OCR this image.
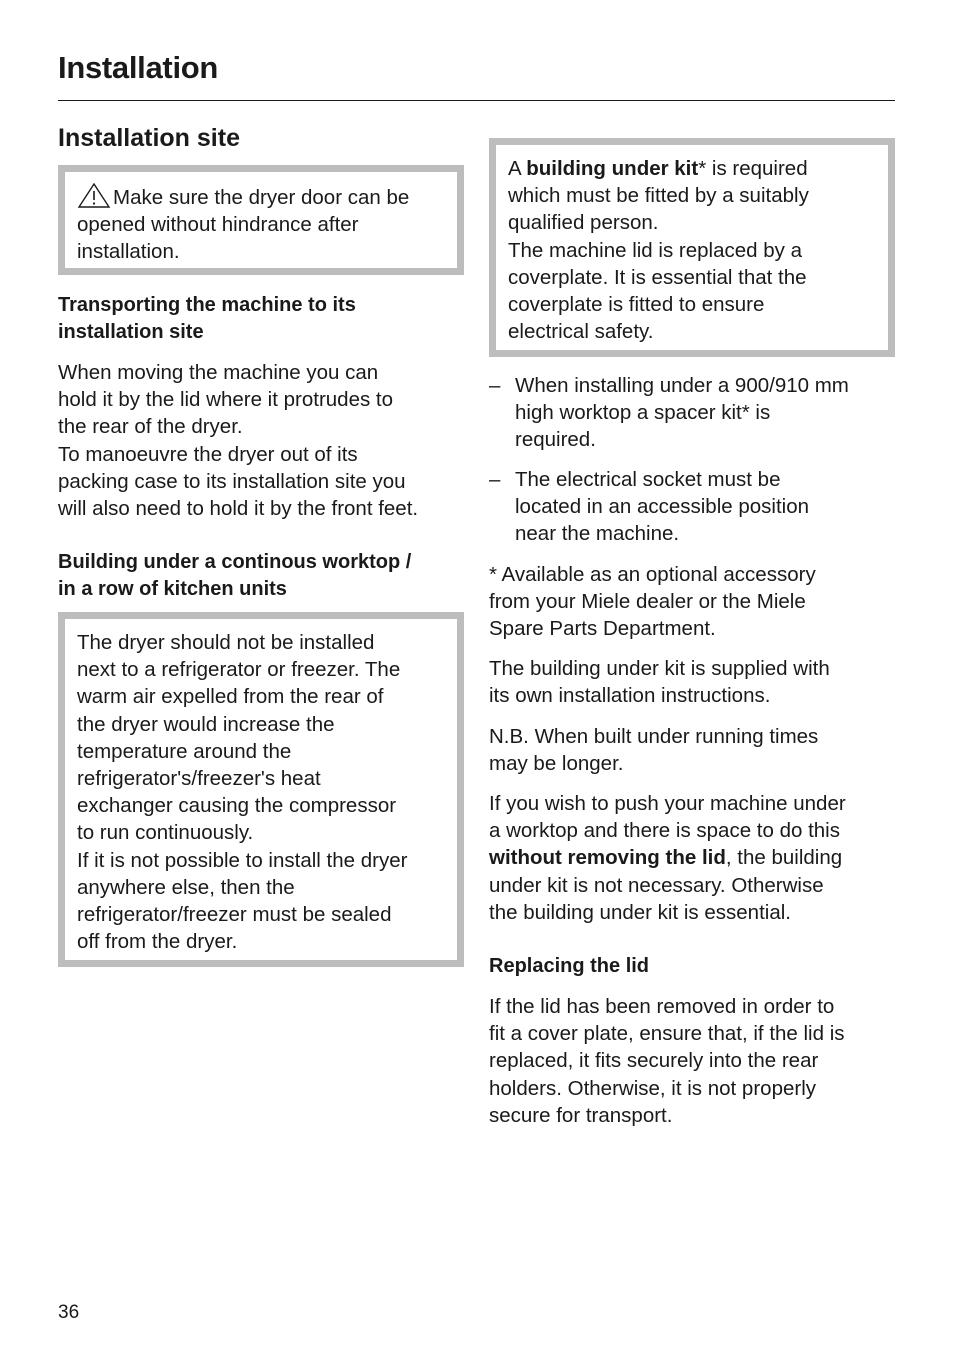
Installation
Installation site
Make sure the dryer door can be
opened without hindrance after
installation.
Transporting the machine to its
installation site
When moving the machine you can
hold it by the lid where it protrudes to
the rear of the dryer.
To manoeuvre the dryer out of its
packing case to its installation site you
will also need to hold it by the front feet.
Building under a continous worktop /
in a row of kitchen units
The dryer should not be installed
next to a refrigerator or freezer. The
warm air expelled from the rear of
the dryer would increase the
temperature around the
refrigerator's/freezer's heat
exchanger causing the compressor
to run continuously.
If it is not possible to install the dryer
anywhere else, then the
refrigerator/freezer must be sealed
off from the dryer.
A building under kit* is required
which must be fitted by a suitably
qualified person.
The machine lid is replaced by a
coverplate. It is essential that the
coverplate is fitted to ensure
electrical safety.
– When installing under a 900/910 mm
high worktop a spacer kit* is
required.
– The electrical socket must be
located in an accessible position
near the machine.
* Available as an optional accessory
from your Miele dealer or the Miele
Spare Parts Department.
The building under kit is supplied with
its own installation instructions.
N.B. When built under running times
may be longer.
If you wish to push your machine under
a worktop and there is space to do this
without removing the lid, the building
under kit is not necessary. Otherwise
the building under kit is essential.
Replacing the lid
If the lid has been removed in order to
fit a cover plate, ensure that, if the lid is
replaced, it fits securely into the rear
holders. Otherwise, it is not properly
secure for transport.
36
